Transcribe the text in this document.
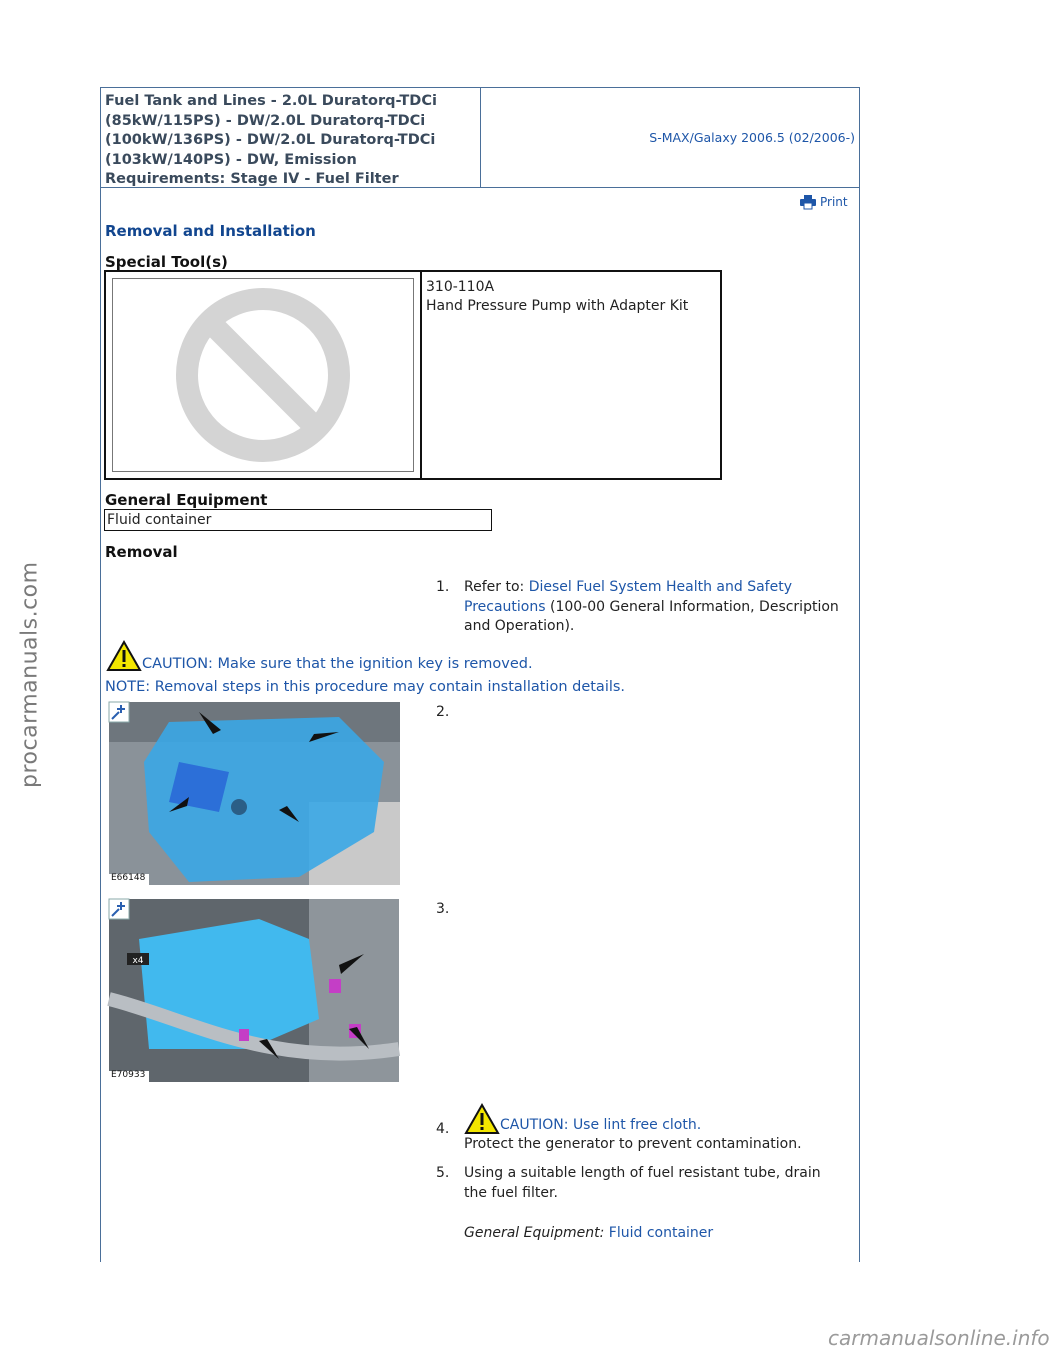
procarmanuals.com
Fuel Tank and Lines - 2.0L Duratorq-TDCi (85kW/115PS) - DW/2.0L Duratorq-TDCi (100kW/136PS) - DW/2.0L Duratorq-TDCi (103kW/140PS) - DW, Emission Requirements: Stage IV - Fuel Filter
S-MAX/Galaxy 2006.5 (02/2006-)
Print
Removal and Installation
Special Tool(s)
310-110A
Hand Pressure Pump with Adapter Kit
General Equipment
Fluid container
Removal
1. Refer to: Diesel Fuel System Health and Safety Precautions (100-00 General Information, Description and Operation).
CAUTION: Make sure that the ignition key is removed.
NOTE: Removal steps in this procedure may contain installation details.
E66148
2.
x4
E70933
3.
4.	CAUTION: Use lint free cloth.
Protect the generator to prevent contamination.
5. Using a suitable length of fuel resistant tube, drain the fuel filter.
General Equipment: Fluid container
carmanualsonline.info
